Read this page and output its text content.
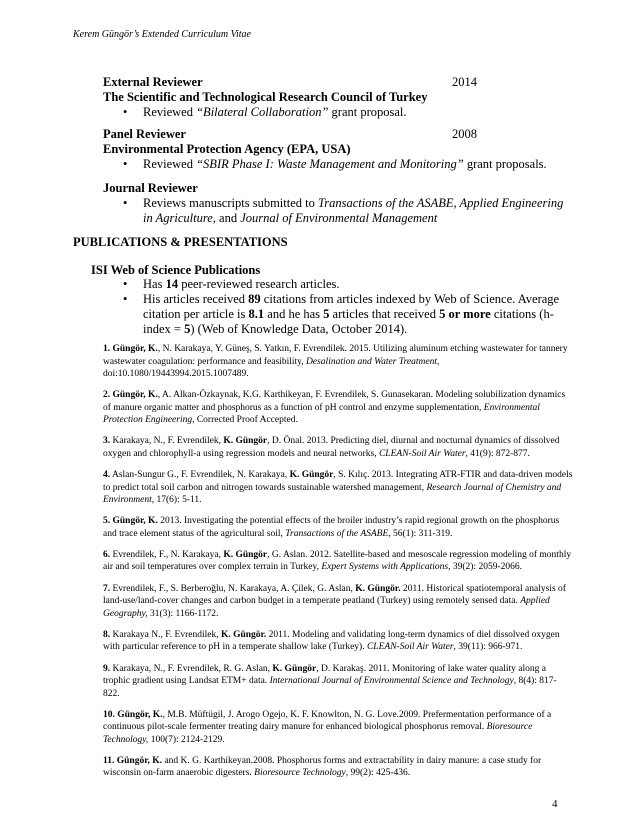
Kerem Güngör’s Extended Curriculum Vitae
External Reviewer	2014
The Scientific and Technological Research Council of Turkey
• Reviewed “Bilateral Collaboration” grant proposal.
Panel Reviewer	2008
Environmental Protection Agency (EPA, USA)
• Reviewed “SBIR Phase I: Waste Management and Monitoring” grant proposals.
Journal Reviewer
• Reviews manuscripts submitted to Transactions of the ASABE, Applied Engineering in Agriculture, and Journal of Environmental Management
PUBLICATIONS & PRESENTATIONS
ISI Web of Science Publications
• Has 14 peer-reviewed research articles.
• His articles received 89 citations from articles indexed by Web of Science. Average citation per article is 8.1 and he has 5 articles that received 5 or more citations (h-index = 5) (Web of Knowledge Data, October 2014).
1. Güngör, K., N. Karakaya, Y. Güneş, S. Yatkın, F. Evrendilek. 2015. Utilizing aluminum etching wastewater for tannery wastewater coagulation: performance and feasibility, Desalination and Water Treatment, doi:10.1080/19443994.2015.1007489.
2. Güngör, K., A. Alkan-Özkaynak, K.G. Karthikeyan, F. Evrendilek, S. Gunasekaran. Modeling solubilization dynamics of manure organic matter and phosphorus as a function of pH control and enzyme supplementation, Environmental Protection Engineering, Corrected Proof Accepted.
3. Karakaya, N., F. Evrendilek, K. Güngör, D. Önal. 2013. Predicting diel, diurnal and nocturnal dynamics of dissolved oxygen and chlorophyll-a using regression models and neural networks, CLEAN-Soil Air Water, 41(9): 872-877.
4. Aslan-Sungur G., F. Evrendilek, N. Karakaya, K. Güngör, S. Kılıç. 2013. Integrating ATR-FTIR and data-driven models to predict total soil carbon and nitrogen towards sustainable watershed management, Research Journal of Chemistry and Environment, 17(6): 5-11.
5. Güngör, K. 2013. Investigating the potential effects of the broiler industry’s rapid regional growth on the phosphorus and trace element status of the agricultural soil, Transactions of the ASABE, 56(1): 311-319.
6. Evrendilek, F., N. Karakaya, K. Güngör, G. Aslan. 2012. Satellite-based and mesoscale regression modeling of monthly air and soil temperatures over complex terrain in Turkey, Expert Systems with Applications, 39(2): 2059-2066.
7. Evrendilek, F., S. Berberoğlu, N. Karakaya, A. Çilek, G. Aslan, K. Güngör. 2011. Historical spatiotemporal analysis of land-use/land-cover changes and carbon budget in a temperate peatland (Turkey) using remotely sensed data. Applied Geography, 31(3): 1166-1172.
8. Karakaya N., F. Evrendilek, K. Güngör. 2011. Modeling and validating long-term dynamics of diel dissolved oxygen with particular reference to pH in a temperate shallow lake (Turkey). CLEAN-Soil Air Water, 39(11): 966-971.
9. Karakaya, N., F. Evrendilek, R. G. Aslan, K. Güngör, D. Karakaş. 2011. Monitoring of lake water quality along a trophic gradient using Landsat ETM+ data. International Journal of Environmental Science and Technology, 8(4): 817-822.
10. Güngör, K., M.B. Müftügil, J. Arogo Ogejo, K. F. Knowlton, N. G. Love.2009. Prefermentation performance of a continuous pilot-scale fermenter treating dairy manure for enhanced biological phosphorus removal. Bioresource Technology, 100(7): 2124-2129.
11. Güngör, K. and K. G. Karthikeyan.2008. Phosphorus forms and extractability in dairy manure: a case study for wisconsin on-farm anaerobic digesters. Bioresource Technology, 99(2): 425-436.
4
